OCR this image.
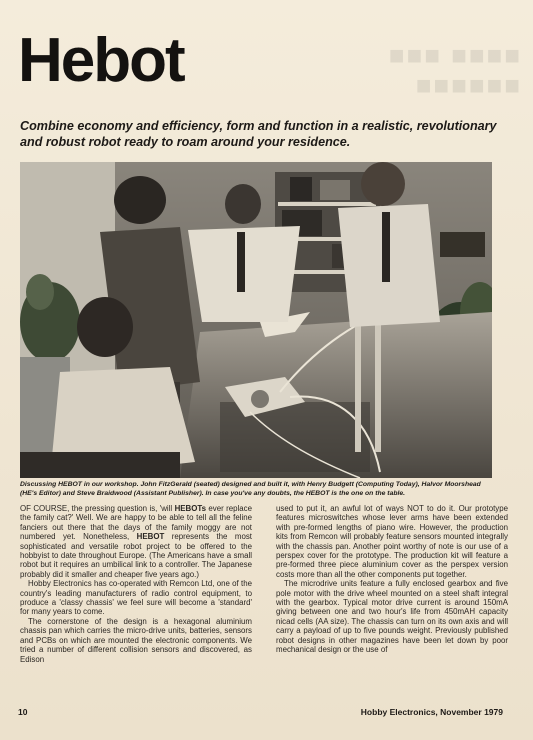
■■■■ ■■■
■■■■■■
Hebot

Combine economy and efficiency, form and function in a realistic, revolutionary and robust robot ready to roam around your residence.

Discussing HEBOT in our workshop. John FitzGerald (seated) designed and built it, with Henry Budgett (Computing Today), Halvor Moorshead (HE's Editor) and Steve Braidwood (Assistant Publisher). In case you've any doubts, the HEBOT is the one on the table.

OF COURSE, the pressing question is, 'will HEBOTs ever replace the family cat?' Well. We are happy to be able to tell all the feline fanciers out there that the days of the family moggy are not numbered yet. Nonetheless, HEBOT represents the most sophisticated and versatile robot project to be offered to the hobbyist to date throughout Europe. (The Americans have a small robot but it requires an umbilical link to a controller. The Japanese probably did it smaller and cheaper five years ago.)

Hobby Electronics has co-operated with Remcon Ltd, one of the country's leading manufacturers of radio control equipment, to produce a 'classy chassis' we feel sure will become a 'standard' for many years to come.

The cornerstone of the design is a hexagonal aluminium chassis pan which carries the micro-drive units, batteries, sensors and PCBs on which are mounted the electronic components. We tried a number of different collision sensors and discovered, as Edison

used to put it, an awful lot of ways NOT to do it. Our prototype features microswitches whose lever arms have been extended with pre-formed lengths of piano wire. However, the production kits from Remcon will probably feature sensors mounted integrally with the chassis pan. Another point worthy of note is our use of a perspex cover for the prototype. The production kit will feature a pre-formed three piece aluminium cover as the perspex version costs more than all the other components put together.

The microdrive units feature a fully enclosed gearbox and five pole motor with the drive wheel mounted on a steel shaft integral with the gearbox. Typical motor drive current is around 150mA giving between one and two hour's life from 450mAH capacity nicad cells (AA size). The chassis can turn on its own axis and will carry a payload of up to five pounds weight. Previously published robot designs in other magazines have been let down by poor mechanical design or the use of

10	Hobby Electronics, November 1979
